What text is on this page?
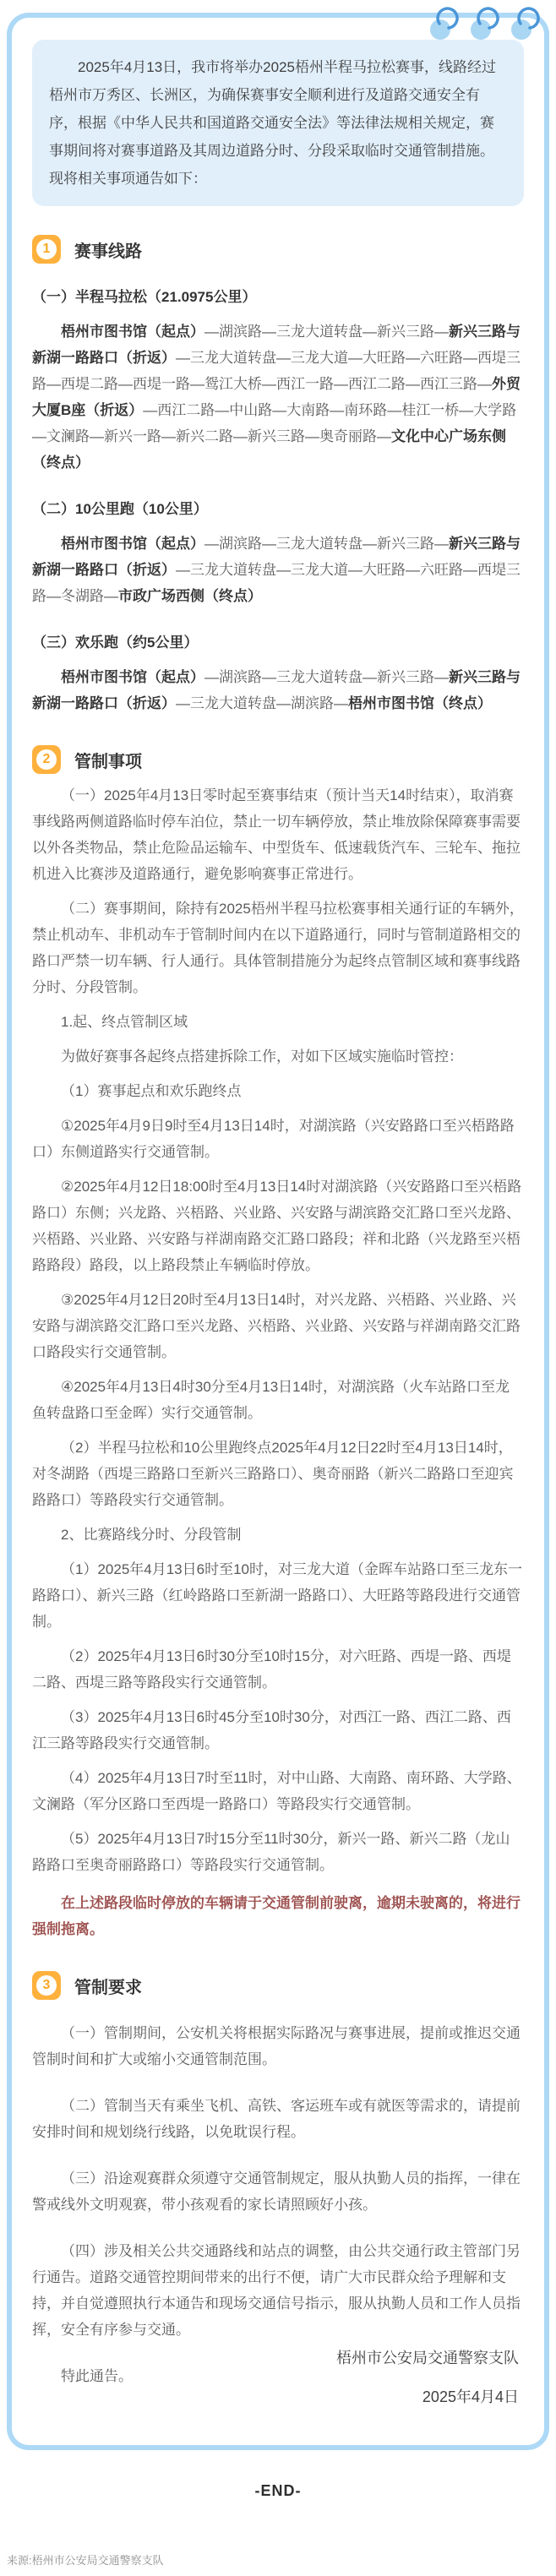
2025年4月13日，我市将举办2025梧州半程马拉松赛事，线路经过梧州市万秀区、长洲区，为确保赛事安全顺利进行及道路交通安全有序，根据《中华人民共和国道路交通安全法》等法律法规相关规定，赛事期间将对赛事道路及其周边道路分时、分段采取临时交通管制措施。现将相关事项通告如下：

1	赛事线路
（一）半程马拉松（21.0975公里）

梧州市图书馆（起点）—湖滨路—三龙大道转盘—新兴三路—新兴三路与新湖一路路口（折返）—三龙大道转盘—三龙大道—大旺路—六旺路—西堤三路—西堤二路—西堤一路—鸳江大桥—西江一路—西江二路—西江三路—外贸大厦B座（折返）—西江二路—中山路—大南路—南环路—桂江一桥—大学路—文澜路—新兴一路—新兴二路—新兴三路—奥奇丽路—文化中心广场东侧（终点）

（二）10公里跑（10公里）

梧州市图书馆（起点）—湖滨路—三龙大道转盘—新兴三路—新兴三路与新湖一路路口（折返）—三龙大道转盘—三龙大道—大旺路—六旺路—西堤三路—冬湖路—市政广场西侧（终点）

（三）欢乐跑（约5公里）

梧州市图书馆（起点）—湖滨路—三龙大道转盘—新兴三路—新兴三路与新湖一路路口（折返）—三龙大道转盘—湖滨路—梧州市图书馆（终点）

2	管制事项

（一）2025年4月13日零时起至赛事结束（预计当天14时结束），取消赛事线路两侧道路临时停车泊位，禁止一切车辆停放，禁止堆放除保障赛事需要以外各类物品，禁止危险品运输车、中型货车、低速载货汽车、三轮车、拖拉机进入比赛涉及道路通行，避免影响赛事正常进行。

（二）赛事期间，除持有2025梧州半程马拉松赛事相关通行证的车辆外，禁止机动车、非机动车于管制时间内在以下道路通行，同时与管制道路相交的路口严禁一切车辆、行人通行。具体管制措施分为起终点管制区域和赛事线路分时、分段管制。

1.起、终点管制区域

为做好赛事各起终点搭建拆除工作，对如下区域实施临时管控：

（1）赛事起点和欢乐跑终点

①2025年4月9日9时至4月13日14时，对湖滨路（兴安路路口至兴梧路路口）东侧道路实行交通管制。

②2025年4月12日18:00时至4月13日14时对湖滨路（兴安路路口至兴梧路路口）东侧；兴龙路、兴梧路、兴业路、兴安路与湖滨路交汇路口至兴龙路、兴梧路、兴业路、兴安路与祥湖南路交汇路口路段；祥和北路（兴龙路至兴梧路路段）路段，以上路段禁止车辆临时停放。

③2025年4月12日20时至4月13日14时，对兴龙路、兴梧路、兴业路、兴安路与湖滨路交汇路口至兴龙路、兴梧路、兴业路、兴安路与祥湖南路交汇路口路段实行交通管制。

④2025年4月13日4时30分至4月13日14时，对湖滨路（火车站路口至龙鱼转盘路口至金晖）实行交通管制。

（2）半程马拉松和10公里跑终点2025年4月12日22时至4月13日14时，对冬湖路（西堤三路路口至新兴三路路口）、奥奇丽路（新兴二路路口至迎宾路路口）等路段实行交通管制。

2、比赛路线分时、分段管制

（1）2025年4月13日6时至10时，对三龙大道（金晖车站路口至三龙东一路路口）、新兴三路（红岭路路口至新湖一路路口）、大旺路等路段进行交通管制。

（2）2025年4月13日6时30分至10时15分，对六旺路、西堤一路、西堤二路、西堤三路等路段实行交通管制。

（3）2025年4月13日6时45分至10时30分，对西江一路、西江二路、西江三路等路段实行交通管制。

（4）2025年4月13日7时至11时，对中山路、大南路、南环路、大学路、文澜路（军分区路口至西堤一路路口）等路段实行交通管制。

（5）2025年4月13日7时15分至11时30分，新兴一路、新兴二路（龙山路路口至奥奇丽路路口）等路段实行交通管制。

在上述路段临时停放的车辆请于交通管制前驶离，逾期未驶离的，将进行强制拖离。

3	管制要求

（一）管制期间，公安机关将根据实际路况与赛事进展，提前或推迟交通管制时间和扩大或缩小交通管制范围。

（二）管制当天有乘坐飞机、高铁、客运班车或有就医等需求的，请提前安排时间和规划绕行线路，以免耽误行程。

（三）沿途观赛群众须遵守交通管制规定，服从执勤人员的指挥，一律在警戒线外文明观赛，带小孩观看的家长请照顾好小孩。

（四）涉及相关公共交通路线和站点的调整，由公共交通行政主管部门另行通告。道路交通管控期间带来的出行不便，请广大市民群众给予理解和支持，并自觉遵照执行本通告和现场交通信号指示，服从执勤人员和工作人员指挥，安全有序参与交通。

特此通告。

梧州市公安局交通警察支队
2025年4月4日
-END-
来源:梧州市公安局交通警察支队
